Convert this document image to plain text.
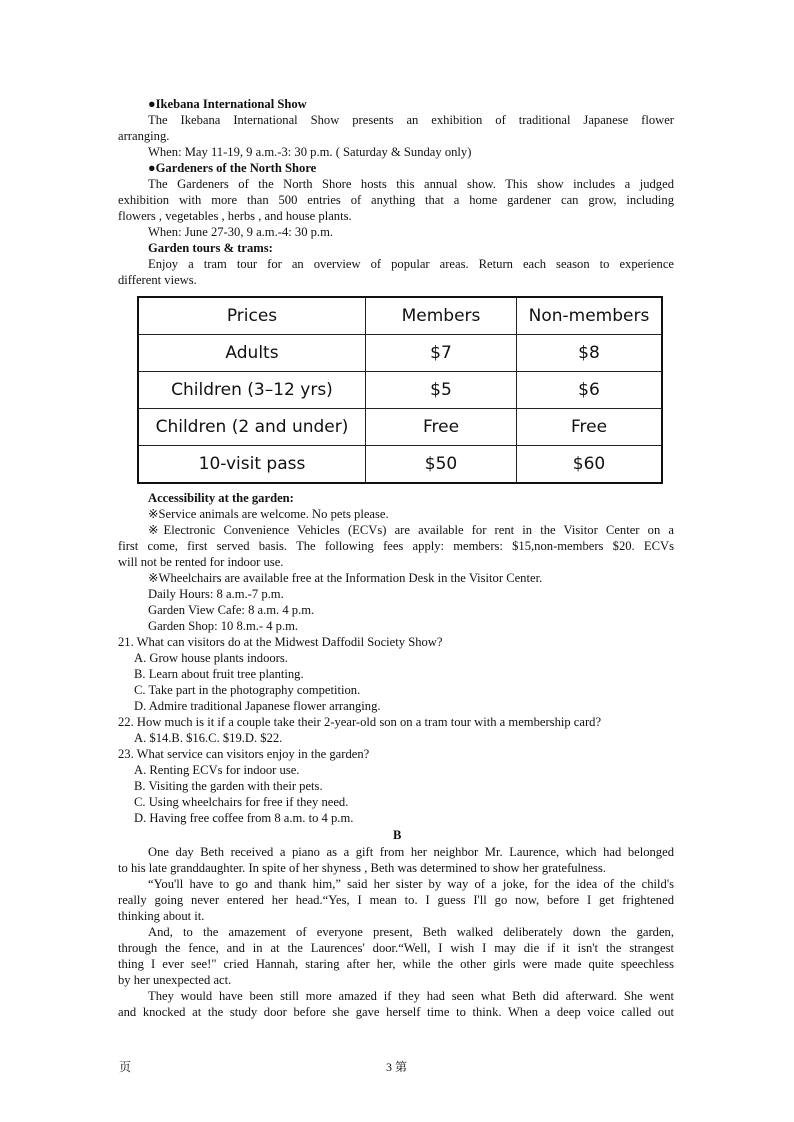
●Ikebana International Show
The Ikebana International Show presents an exhibition of traditional Japanese flower
arranging.
When: May 11-19, 9 a.m.-3: 30 p.m. ( Saturday & Sunday only)
●Gardeners of the North Shore
The Gardeners of the North Shore hosts this annual show. This show includes a judged
exhibition with more than 500 entries of anything that a home gardener can grow, including
flowers , vegetables , herbs , and house plants.
When: June 27-30, 9 a.m.-4: 30 p.m.
Garden tours & trams:
Enjoy a tram tour for an overview of popular areas. Return each season to experience
different views.
Prices	Members	Non-members
Adults	$7	$8
Children (3–12 yrs)	$5	$6
Children (2 and under)	Free	Free
10-visit pass	$50	$60
Accessibility at the garden:
※Service animals are welcome. No pets please.
※Electronic Convenience Vehicles (ECVs) are available for rent in the Visitor Center on a
first come, first served basis. The following fees apply: members: $15,non-members $20. ECVs
will not be rented for indoor use.
※Wheelchairs are available free at the Information Desk in the Visitor Center.
Daily Hours: 8 a.m.-7 p.m.
Garden View Cafe: 8 a.m. 4 p.m.
Garden Shop: 10 8.m.- 4 p.m.
21. What can visitors do at the Midwest Daffodil Society Show?
A. Grow house plants indoors.
B. Learn about fruit tree planting.
C. Take part in the photography competition.
D. Admire traditional Japanese flower arranging.
22. How much is it if a couple take their 2-year-old son on a tram tour with a membership card?
A. $14.B. $16.C. $19.D. $22.
23. What service can visitors enjoy in the garden?
A. Renting ECVs for indoor use.
B. Visiting the garden with their pets.
C. Using wheelchairs for free if they need.
D. Having free coffee from 8 a.m. to 4 p.m.
B
One day Beth received a piano as a gift from her neighbor Mr. Laurence, which had belonged
to his late granddaughter. In spite of her shyness , Beth was determined to show her gratefulness.
“You'll have to go and thank him,” said her sister by way of a joke, for the idea of the child's
really going never entered her head.“Yes, I mean to. I guess I'll go now, before I get frightened
thinking about it.
And, to the amazement of everyone present, Beth walked deliberately down the garden,
through the fence, and in at the Laurences' door.“Well, I wish I may die if it isn't the strangest
thing I ever see!" cried Hannah, staring after her, while the other girls were made quite speechless
by her unexpected act.
They would have been still more amazed if they had seen what Beth did afterward. She went
and knocked at the study door before she gave herself time to think. When a deep voice called out
页	3 第
